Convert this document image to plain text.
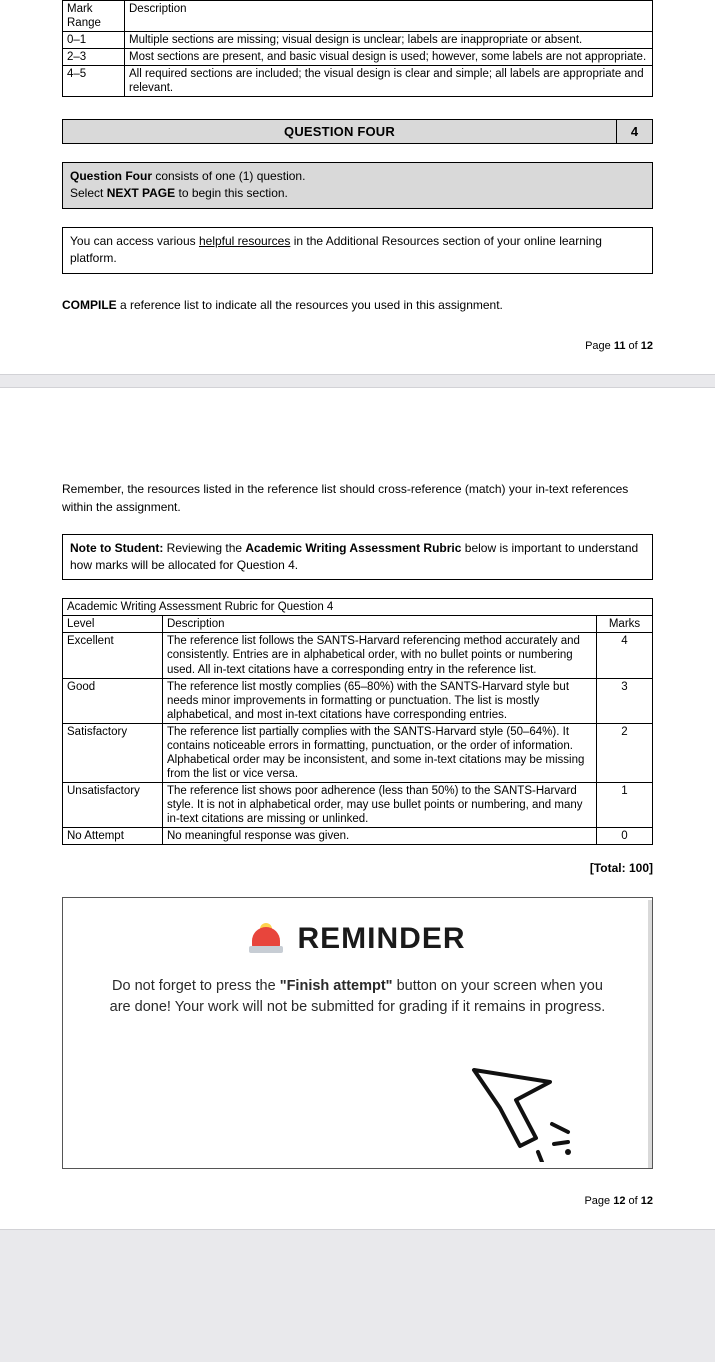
Mark Range	Description
0–1	Multiple sections are missing; visual design is unclear; labels are inappropriate or absent.
2–3	Most sections are present, and basic visual design is used; however, some labels are not appropriate.
4–5	All required sections are included; the visual design is clear and simple; all labels are appropriate and relevant.
QUESTION FOUR	4
Question Four consists of one (1) question.
Select NEXT PAGE to begin this section.
You can access various helpful resources in the Additional Resources section of your online learning platform.
COMPILE a reference list to indicate all the resources you used in this assignment.
Page 11 of 12
Remember, the resources listed in the reference list should cross-reference (match) your in-text references within the assignment.
Note to Student: Reviewing the Academic Writing Assessment Rubric below is important to understand how marks will be allocated for Question 4.
Academic Writing Assessment Rubric for Question 4		
Level	Description	Marks
Excellent	The reference list follows the SANTS-Harvard referencing method accurately and consistently. Entries are in alphabetical order, with no bullet points or numbering used. All in-text citations have a corresponding entry in the reference list.	4
Good	The reference list mostly complies (65–80%) with the SANTS-Harvard style but needs minor improvements in formatting or punctuation. The list is mostly alphabetical, and most in-text citations have corresponding entries.	3
Satisfactory	The reference list partially complies with the SANTS-Harvard style (50–64%). It contains noticeable errors in formatting, punctuation, or the order of information. Alphabetical order may be inconsistent, and some in-text citations may be missing from the list or vice versa.	2
Unsatisfactory	The reference list shows poor adherence (less than 50%) to the SANTS-Harvard style. It is not in alphabetical order, may use bullet points or numbering, and many in-text citations are missing or unlinked.	1
No Attempt	No meaningful response was given.	0
[Total: 100]
REMINDER
Do not forget to press the "Finish attempt" button on your screen when you are done! Your work will not be submitted for grading if it remains in progress.
Page 12 of 12
